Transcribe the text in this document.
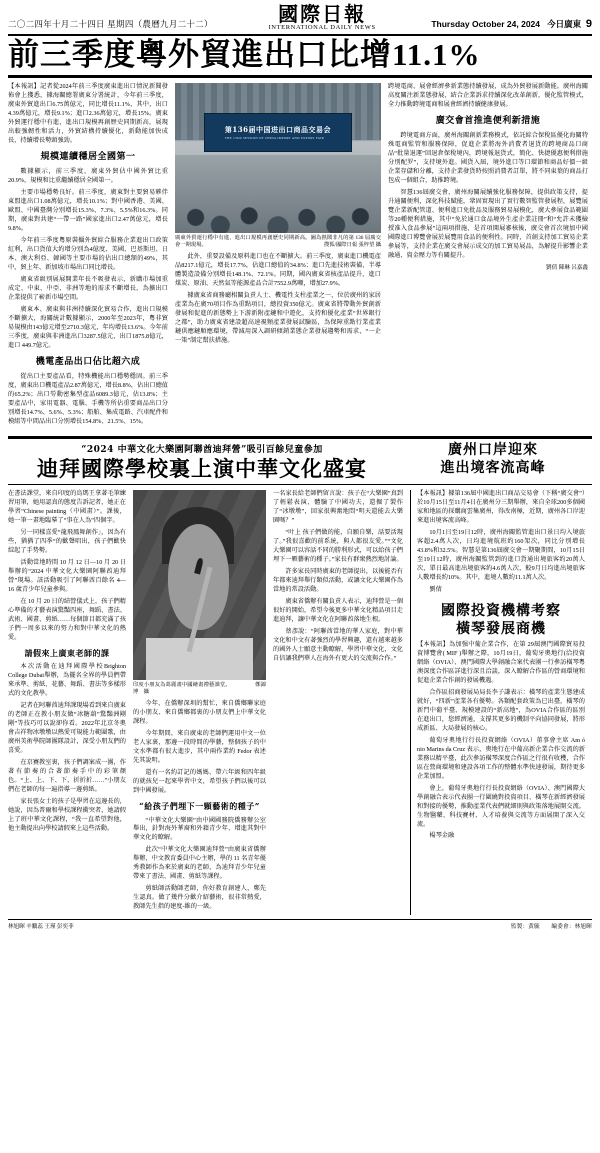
二〇二四年十月二十四日 星期四（農曆九月二十二）	國際日報
INTERNATIONAL DAILY NEWS	Thursday October 24, 2024 今日廣東 9
前三季度粵外貿進出口比增11.1%

【本報訊】記者從2024年前三季度廣東進出口情況新聞發佈會上獲悉，據海關總署廣東分署統計，今年前三季度，廣東外貿進出口6.75萬億元，同比增長11.1%，其中，出口4.39萬億元，增長9.1%；進口2.36萬億元，增長15%。廣東外貿運行穩中有進，進出口規模再創歷史同期新高，展現出較強韌性和活力，外貿結構持續優化，新動能加快成長，持續增長勢頭強勁。

規模連續穩居全國第一

數據顯示，前三季度，廣東外貿佔中國外貿比重20.9%，規模和比重繼續穩居全國第一。

主要市場穩勢良好。前三季度，廣東對主要貿易夥伴東盟進出口1.08萬億元，增長10.1%；對中國香港、美國、歐盟、中國臺灣分別增長15.3%、7.3%、5.5%和16.3%。同期，廣東對共建“一帶一路”國家進出口2.47萬億元，增長9.8%。

今年前三季度粵原裝攝外貿綜合服務企業進出口政策紅利，出口貨值大約增分別為4億度、美國、巴基斯坦、日本、澳大利亞、韓國等主要市場的佔出口總額的49%，其中，貿上年、新加坡市場出口同比增長。

廣東省級別展展開業年長不吸發表示，新購市場加重成定、中東、中亞、非洲等地的需求不斷增長，為擴出口企業提供了嶄新市場空間。

廣東本、廣東與非洲持續深化貿易合作，進出口規模不斷擴大，海關統計數據顯示，2000年至2023年，粵非貿易規模由143億元增至2710.3億元，年均增長13.6%。今年前三季度，廣東與非洲進出口3287.5億元，出口1875.8億元，進口 449.7億元。

機電產品出口佔比超六成

從出口主要產品看，特殊機能出口穩勢穩固。前三季度，廣東出口機電產品2.87萬億元，增長8.8%，佔出口總值的65.2%；出口勞動密集型產品6089.3億元，佔13.8%；主要產品中，家用電器、電腦、手機等所佔重要商品出口分別增長14.7%、5.6%、5.3%；船舶、集成電路、汽車配件和模組等中間品出口分別增長154.8%、21.5%、15%。

第136届中国进出口商品交易会
THE 136th SESSION OF CHINA IMPORT AND EXPORT FAIR
廣東外貿運行穩中有進，進出口規模再創歷史同期新高。圖為熱鬧非凡的第 136 屆廣交會一期現場。	搜狐/國際日報 張梓望 攝

此外，重要設備及原料進口也在不斷擴大。前三季度，廣東進口機電產品8217.1億元，增長17.7%，佔進口總值的34.8%；進口先進技術裝備、半導體製造設備分別增長148.1%、72.1%。同期，國內廣東省核產品提升，進口煤炭、原油、天然氣等能源產品合計7552.9萬噸，增加27.9%。

據廣東省商務廳相關負責人士、機電性支柱產業之一，位於廣州的家居產業為在廣70項目作為重點項目，總投資350億元。廣東省將帶動外貿創新發展和促進的新態勢上下游新附產鏈和中遊化，支持和優化產業“世界銀行之都”，助力廣東省建設超高速視頻產業發展試驗區，為保障重點行業產業鏈供應鏈順應環境，帶減用深入調研傾銷業態企業發展趨勢和需求，“一企一策”制定幫扶措施。

跨境電商、展會經濟參新業態持續發展，成為外貿發展新動能。廣州海關高度關注新業態發展，結合企業訴求持續深化改革創新，優化監管模式，全力推動跨境電商和展會經濟持續健康發展。

廣交會首推進便利新措施

跨境電商方面，廣州海關創新業務模式，依託綜合保稅區優化海關特殊電商監管和服務保障，促進企業將海外消費者退貨的跨境商品口商品“批量退運”回退倉保稅境內，跨境報退貨式，簡化、快捷優惠便利措施分別配罗”，支持境外進。國貨入屆，境外進口等口環節和商品好價一級企業存儲和分離，支持企業發貨時按照消費者訂單，將不同東葉的商品打包成一個組合，助推跨境。

智慧136屆廣交會，廣州海關展續強化服務保障，提供政策支持，提升通關便利，深化科技賦能，鞏固實現出了實行數智監管發展程，展覽展覽企業新配管道、便利進口免批品及服務貿易展模化，廣大參展食品範圍等20種便利措施，其中“免於通口食品境外生產企業註冊”和“允許未獲檢授准入食品參展”這兩項措施，是首項開展審核後，廣交會首次境加中國國際進口博覽會展於展覽用食品的便利性。同時，首創支持加工貿易企業參展等，支持企業在廣交會展示成交的加工貿易展品，為解提升影響企業融通、資金壓力等有關提升。

劉倩 陳琳 呂嘉鑫
“2024 中華文化大樂園阿聯酋迪拜營”吸引百餘兒童參加
迪拜國際學校裏上演中華文化盛宴
廣州口岸迎來
進出境客流高峰

在書法課堂，來自印度的烏瑪王拿著毛筆練習用筆，她用認真的態度告訴記者，她正在學習“Chinese painting（中國畫）”。課後，她一筆一畫地臨摹了“事在人為”四個字。

另一同樣喜愛“龍飛鳳舞創作」，因為有些，猶猶了四季“的歡聲唱出，孩子們歡快綻起了手势勢。

活動當地時間 10 月 12 日—10 月 20 日舉辦的“2024 中華文化大樂園阿聯酋迪拜營”現場。該活動吸引了阿聯酋百餘名 4—16 歲青少年兒童參與。

在 10 月 20 日的結營儀式上，孩子們精心準備的才藝表演驚豔四座，舞蹈、書法、武術、國畫、剪紙……每個節目都充滿了孩子們一周多以來的努力和對中華文化的熱愛。

請假來上廣東老師的課

本次活動在迪拜國際學校Brighton College Dubai舉辦，為擺名全界的學員們帶來承準、剪紙、花藝、舞蹈、書法等多樣形式的文化教學。

記者在阿聯酋迪拜課現場看到來自廣東的老師正在教小朋友做“冰糖葫”驚豔洲剛剛”等技巧可以說卻你看。2022年北京冬奧會吉祥物冰墩墩以熱愛可規能力範圍歌，由廣州美術學院師團隊設計，深受小朋友們的喜愛。

在京賽教室裏，孩子們調案成一團，作著有節奏的合著節奏手中的彩筆顏色。“上、上、下、下，折折折……”小朋友們在老師的每一遍指導一邊剪紙。

家長張女士的孩子是學習在這邊長的，她說，因為普爾和學校課程衝突者，她請假上了班中華文化課程，“我一直希望對他，他主動提出向學校請假來上這些活動。

印度小朋友為葛麗畫中國繪畫禮藝課堂。　　　　　鄭錦博　攝

今年，在僑辦深圳的幫忙，來自僑鄉聯家庭的小朋友、來自僑鄉都裏的小朋友們上中華文化課程。

今年期間，來自廣東的老師們運用中文一位老人家裏，那邊一段時間的學藝，整個孩子的中文水準都有很大進步，其中兩作業約 Fedor 表述先其說明。

還有一名約訂記的媽媽、帶六年級和四年級的就孩兒一起來學習中文，希望孩子們以後可以到中國發展。

“給孩子們埋下一顆藝術的種子”

“中華文化大樂園”由中國國務院僑務辦公室舉出，針對海外華裔和外籍青少年、增進其對中華文化的瞭解。

此次“中華文化大樂園迪拜營”由廣東省僑辦舉辦，中文教育委員中心主辦，學的 11 名青年優秀教師作為來於廣東的老師，為迪拜青少年兒童帶來了書法、國畫、剪紙等課程。

剪紙師活動師老師，你好教育創建人，鄭先生認真。做了幾件分歡介紹藝術，很非常熱愛，教師先生指的建度-維的一級。

一名家長給老師們留言說：孩子在“大樂園”真到了輕鬆表演、體驗了中國功夫，還掘了製作了“冰墩墩”，回家很興奮地問“明天還能去大樂園嗎？”

“叶上 孩子們做的能，自願自樂，話要活現了。”我很喜歡的前系統，與人都很友愛。”“文化大樂園可以容話不同的勝利形式，可以給孩子們埋下一顆藝術的種子。”家長有群衆熱烈地討論。

許多家長同時廣東的老師提出，以後能否有年都來迪拜舉行類似活動，或讓文化大樂園作為當地的常設活動。

廣東省僑辦有關負責人表示，迪拜營是一個很好的開始，希望今後更多中華文化精品項目走進迪拜，讓中華文化在阿聯酋落地生根。

蔡彥說：“阿聯酋當地的華人家庭，對中華文化和中文有著強烈的學習興趣，還有越來越多的國外人士願意主動瞭解、學習中華文化，文化自信讓我們華人在海外有更大的交流與合作。”

【本報訊】據第136屆中國進出口商品交易會（下稱“廣交會”）於10月15日至11月4日在廣州分三期舉辦，來自全球200多個國家和地區的採購商雲集廣州，得改南極，近期，廣州各口岸迎來進出境客流高峰。

10月1日至19日12時，廣州海關監管進出口景日均入境旅客超2.4萬人次，日均進境航班約160架次，同比分別增長43.8%和32.5%。智慧是第136屆廣交會一期聚期間，10月15日至19日12時，廣州海關監管到的進口貨通出境旅客約20萬人次，單日最高進出境旅客約4.6萬人次，較9月日均進出境旅客人數增長約10%。其中，進境人數約11.1萬人次。

劉倩

國際投資機構考察
橫琴發展商機

【本報訊】為加强中葡企業合作，在第 29屆澳門國際貿易投資博覽會( MIF )舉辦之際，10月19日，葡萄牙奧地行(洽投資網絡（OVIA）、澳門國際大學創融合案代表團一行參訪橫琴粵澳深度合作區詳進行深且洽談，深入瞭解合作區的營商環境和促進企業合作創的發展機遇。

合作區招商發展局局長李子謙表示：橫琴的產業生態建成就好，“四新”產業各有優勢。各類配套政策為已出臺，橫琴的新門中葡平臺、規模建設的“新高地”，為OVIA合作區的區別在進出口，您經濟通，支撐其更多的機制平向協同發展，將形成新區、大局發展的核心。

葡萄牙奧地行行長投資網絡（OVIA）董事會主席 Am ó nio Marins da Cruz 表示，奧地行在中葡高新企業合作交流的新業務以精平臺，此次參訪橫琴深度合作區之行很有收穫，合作區在營商環境和建設各項工作的整體水準快速發展，期待更多企業加盟。

會上，葡萄牙奧地行行長投資網絡（OVIA）、澳門國際大學創融合表示代表團一行圍繞對投資項目、橫琴在新經濟發展和對接的優勢，推動產業代表們就細則與政策落地展開交流。生物醫藥、科技賽材、人才培養與交流等方面展開了深入交流。

楊琴金融

林旭暉 辛鵬蕊 王瑾 彭奕菲	監製：黃毓　　編委會：林旭暉
